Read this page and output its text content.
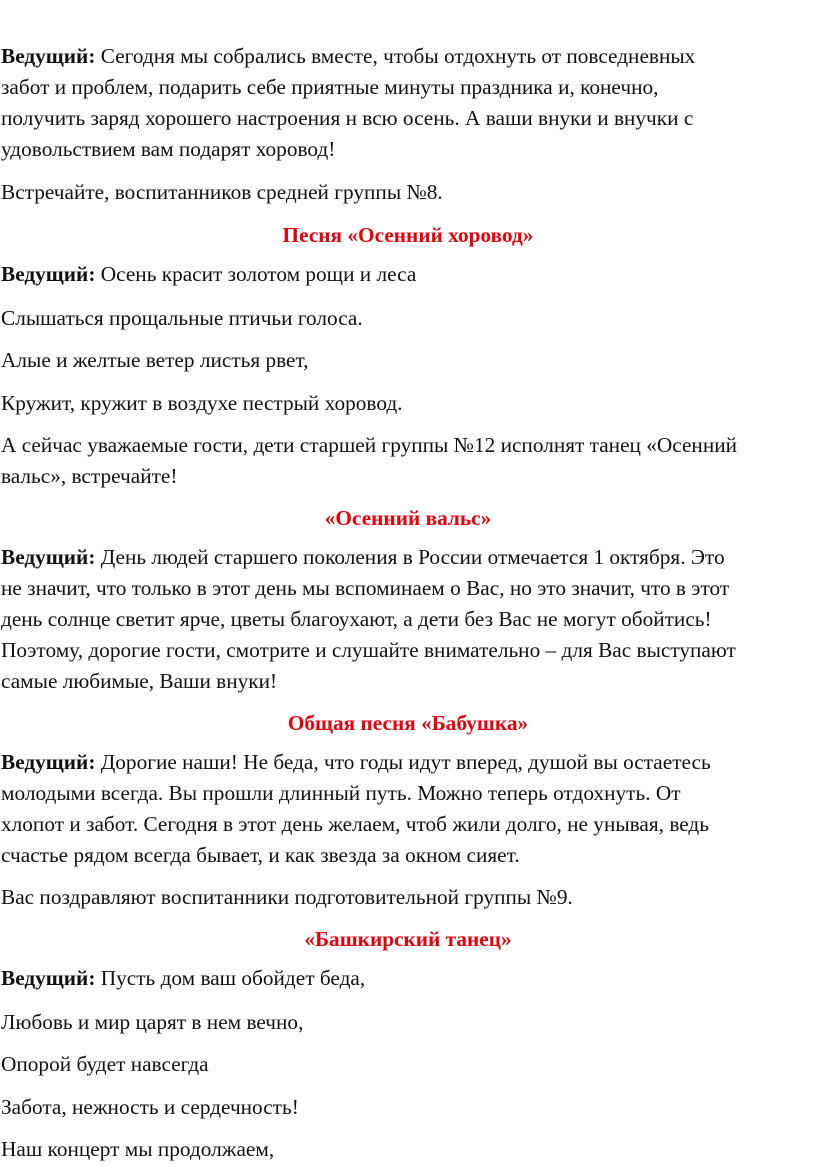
Ведущий: Сегодня мы собрались вместе, чтобы отдохнуть от повседневных
забот и проблем, подарить себе приятные минуты праздника и, конечно,
получить заряд хорошего настроения н всю осень. А ваши внуки и внучки с
удовольствием вам подарят хоровод!
Встречайте, воспитанников средней группы №8.
Песня «Осенний хоровод»
Ведущий: Осень красит золотом рощи и леса
Слышаться прощальные птичьи голоса.
Алые и желтые ветер листья рвет,
Кружит, кружит в воздухе пестрый хоровод.
А сейчас уважаемые гости, дети старшей группы №12 исполнят танец «Осенний
вальс», встречайте!
«Осенний вальс»
Ведущий: День людей старшего поколения в России отмечается 1 октября. Это
не значит, что только в этот день мы вспоминаем о Вас, но это значит, что в этот
день солнце светит ярче, цветы благоухают, а дети без Вас не могут обойтись!
Поэтому, дорогие гости, смотрите и слушайте внимательно – для Вас выступают
самые любимые, Ваши внуки!
Общая песня «Бабушка»
Ведущий: Дорогие наши! Не беда, что годы идут вперед, душой вы остаетесь
молодыми всегда. Вы прошли длинный путь. Можно теперь отдохнуть. От
хлопот и забот. Сегодня в этот день желаем, чтоб жили долго, не унывая, ведь
счастье рядом всегда бывает, и как звезда за окном сияет.
Вас поздравляют воспитанники подготовительной группы №9.
«Башкирский танец»
Ведущий: Пусть дом ваш обойдет беда,
Любовь и мир царят в нем вечно,
Опорой будет навсегда
Забота, нежность и сердечность!
Наш концерт мы продолжаем,
